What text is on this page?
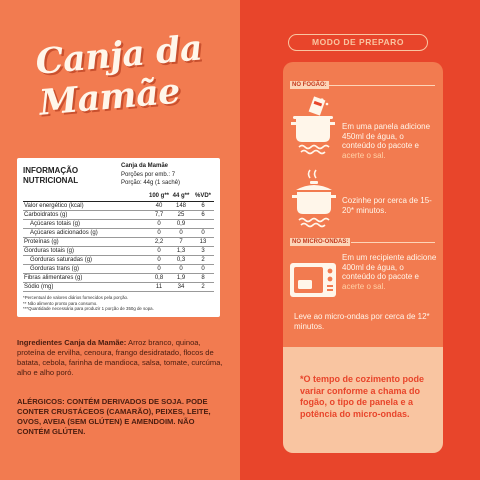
Canja da
Mamãe
INFORMAÇÃO NUTRICIONAL
Canja da Mamãe
Porções por emb.: 7
Porção: 44g (1 sachê)
	100 g**	44 g**	%VD*
Valor energético (kcal)	40	148	6
Carboidratos (g)	7,7	25	6
Açúcares totais (g)	0	0,9	
Açúcares adicionados (g)	0	0	0
Proteínas (g)	2,2	7	13
Gorduras totais (g)	0	1,3	3
Gorduras saturadas (g)	0	0,3	2
Gorduras trans (g)	0	0	0
Fibras alimentares (g)	0,8	1,9	8
Sódio (mg)	11	34	2
*Percentual de valores diários fornecidos pela porção.
** Não alimento pronto para consumo.
***Quantidade necessária para produzir 1 porção de 350g de sopa.
Ingredientes Canja da Mamãe: Arroz branco, quinoa, proteína de ervilha, cenoura, frango desidratado, flocos de batata, cebola, farinha de mandioca, salsa, tomate, curcúma, alho e alho poró.
ALÉRGICOS: CONTÉM DERIVADOS DE SOJA. PODE CONTER CRUSTÁCEOS (CAMARÃO), PEIXES, LEITE, OVOS, AVEIA (SEM GLÚTEN) E AMENDOIM. NÃO CONTÉM GLÚTEN.
MODO DE PREPARO
NO FOGÃO:
NO MICRO-ONDAS:
Em uma panela adicione 450ml de água, o conteúdo do pacote e acerte o sal.
Cozinhe por cerca de 15-20* minutos.
Em um recipiente adicione 400ml de água, o conteúdo do pacote e acerte o sal.
Leve ao micro-ondas por cerca de 12* minutos.
*O tempo de cozimento pode variar conforme a chama do fogão, o tipo de panela e a potência do micro-ondas.
